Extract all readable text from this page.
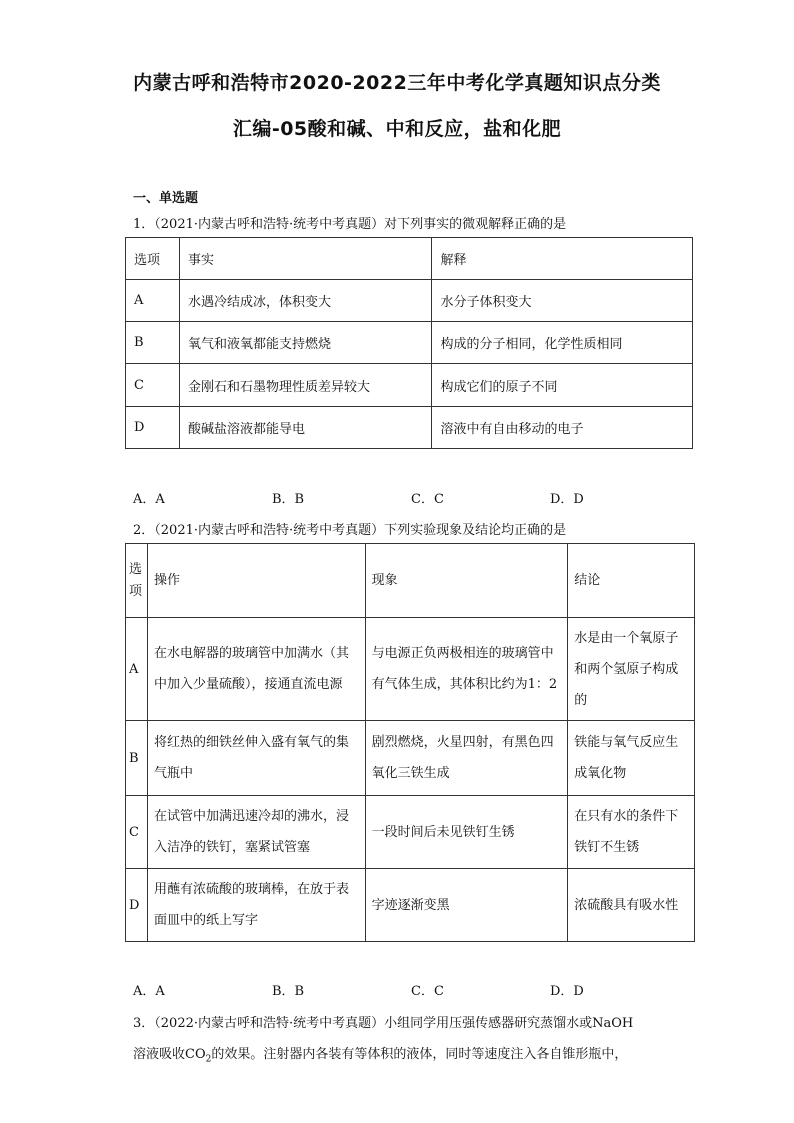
内蒙古呼和浩特市2020-2022三年中考化学真题知识点分类
汇编-05酸和碱、中和反应，盐和化肥
一、单选题
1．（2021·内蒙古呼和浩特·统考中考真题）对下列事实的微观解释正确的是
选项	事实	解释
A	水遇冷结成冰，体积变大	水分子体积变大
B	氧气和液氧都能支持燃烧	构成的分子相同，化学性质相同
C	金刚石和石墨物理性质差异较大	构成它们的原子不同
D	酸碱盐溶液都能导电	溶液中有自由移动的电子
A．A	B．B	C．C	D．D
2．（2021·内蒙古呼和浩特·统考中考真题）下列实验现象及结论均正确的是
选项	操作	现象	结论
A	在水电解器的玻璃管中加满水（其中加入少量硫酸），接通直流电源	与电源正负两极相连的玻璃管中有气体生成，其体积比约为1：2	水是由一个氧原子和两个氢原子构成的
B	将红热的细铁丝伸入盛有氧气的集气瓶中	剧烈燃烧，火星四射，有黑色四氧化三铁生成	铁能与氧气反应生成氧化物
C	在试管中加满迅速冷却的沸水，浸入洁净的铁钉，塞紧试管塞	一段时间后未见铁钉生锈	在只有水的条件下铁钉不生锈
D	用蘸有浓硫酸的玻璃棒，在放于表面皿中的纸上写字	字迹逐渐变黑	浓硫酸具有吸水性
A．A	B．B	C．C	D．D
3．（2022·内蒙古呼和浩特·统考中考真题）小组同学用压强传感器研究蒸馏水或NaOH
溶液吸收$CO_2$的效果。注射器内各装有等体积的液体，同时等速度注入各自锥形瓶中，
